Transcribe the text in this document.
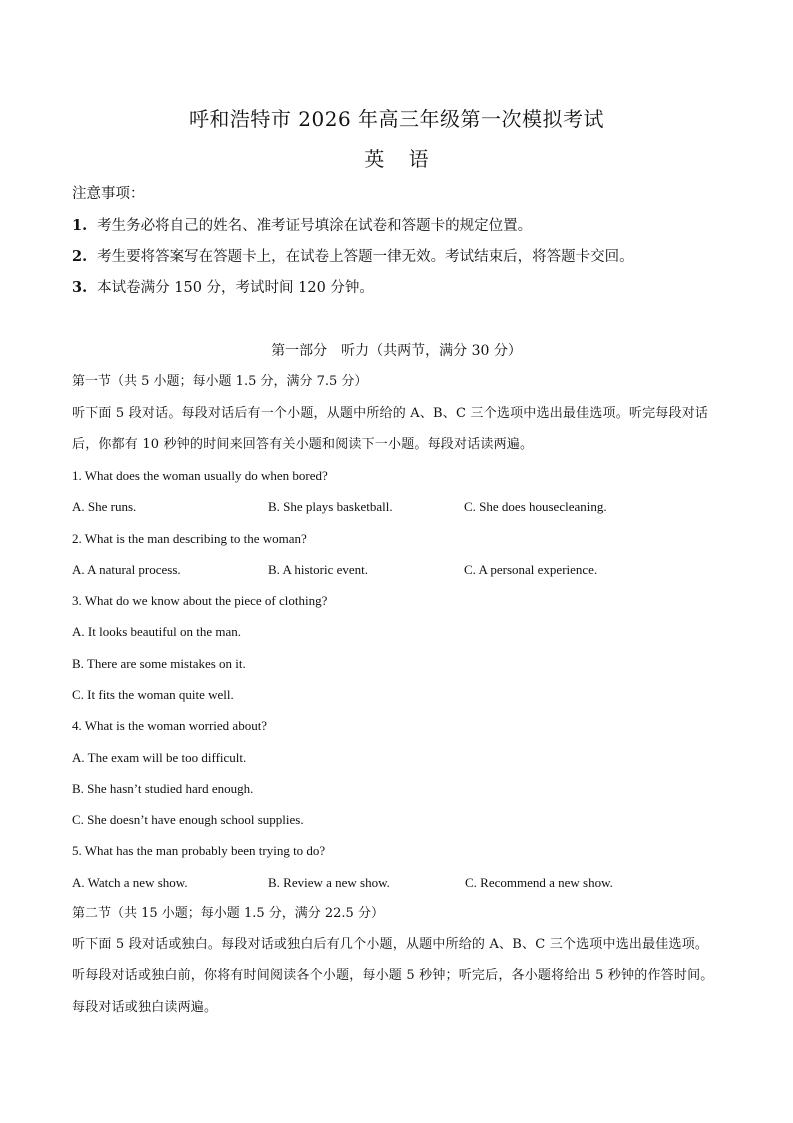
呼和浩特市 2026 年高三年级第一次模拟考试
英 语
注意事项：
1. 考生务必将自己的姓名、准考证号填涂在试卷和答题卡的规定位置。
2. 考生要将答案写在答题卡上，在试卷上答题一律无效。考试结束后，将答题卡交回。
3. 本试卷满分 150 分，考试时间 120 分钟。
第一部分　听力（共两节，满分 30 分）
第一节（共 5 小题；每小题 1.5 分，满分 7.5 分）
听下面 5 段对话。每段对话后有一个小题，从题中所给的 A、B、C 三个选项中选出最佳选项。听完每段对话
后，你都有 10 秒钟的时间来回答有关小题和阅读下一小题。每段对话读两遍。
1. What does the woman usually do when bored?
A. She runs.	B. She plays basketball.	C. She does housecleaning.
2. What is the man describing to the woman?
A. A natural process.	B. A historic event.	C. A personal experience.
3. What do we know about the piece of clothing?
A. It looks beautiful on the man.
B. There are some mistakes on it.
C. It fits the woman quite well.
4. What is the woman worried about?
A. The exam will be too difficult.
B. She hasn’t studied hard enough.
C. She doesn’t have enough school supplies.
5. What has the man probably been trying to do?
A. Watch a new show.	B. Review a new show.	C. Recommend a new show.
第二节（共 15 小题；每小题 1.5 分，满分 22.5 分）
听下面 5 段对话或独白。每段对话或独白后有几个小题，从题中所给的 A、B、C 三个选项中选出最佳选项。
听每段对话或独白前，你将有时间阅读各个小题，每小题 5 秒钟；听完后，各小题将给出 5 秒钟的作答时间。
每段对话或独白读两遍。
